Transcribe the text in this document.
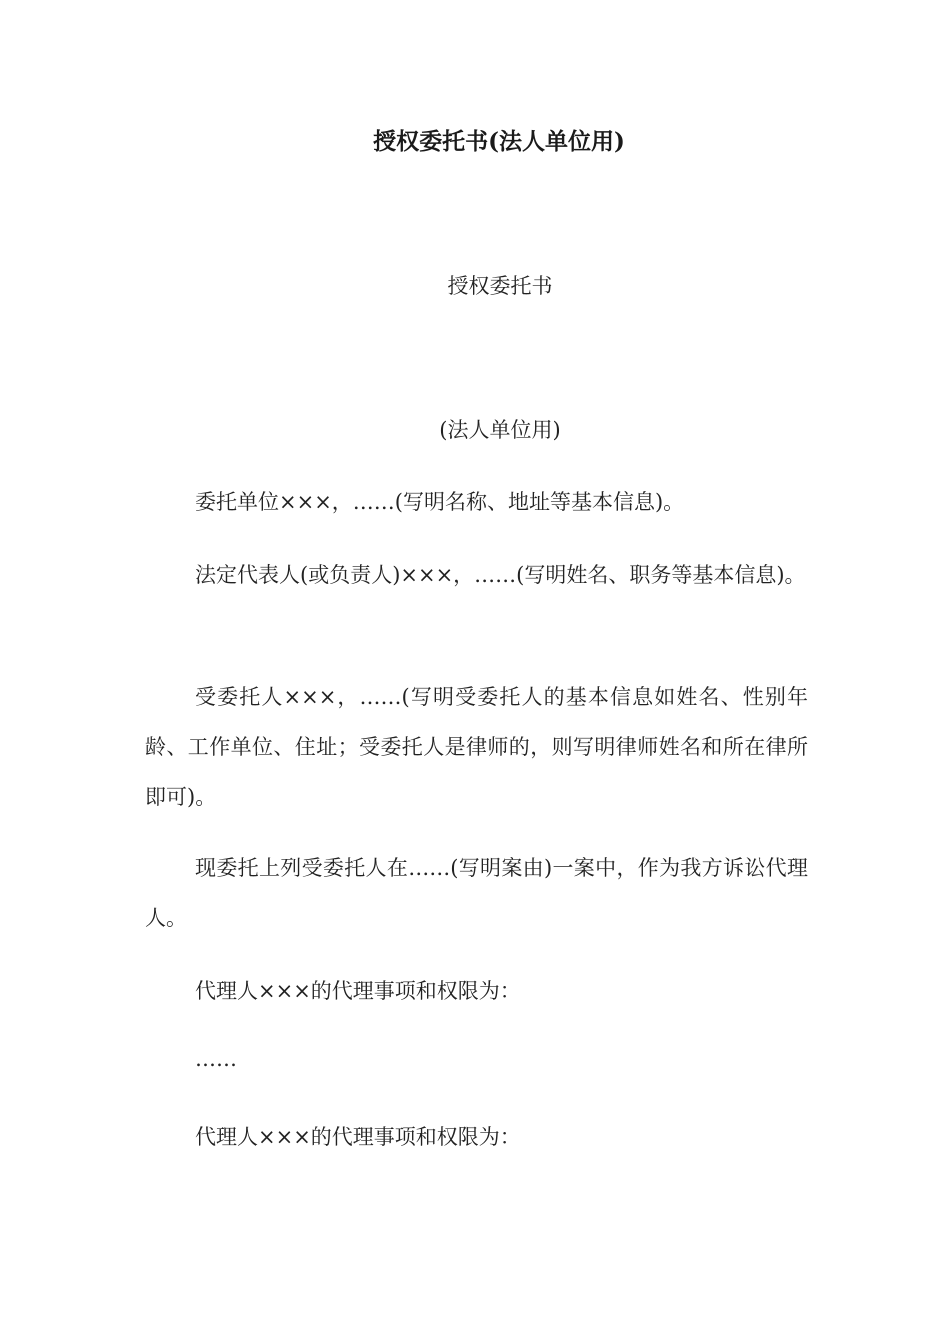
授权委托书(法人单位用)
授权委托书
(法人单位用)

委托单位×××，……(写明名称、地址等基本信息)。

法定代表人(或负责人)×××，……(写明姓名、职务等基本信息)。

受委托人×××，……(写明受委托人的基本信息如姓名、性别年龄、工作单位、住址；受委托人是律师的，则写明律师姓名和所在律所即可)。

现委托上列受委托人在……(写明案由)一案中，作为我方诉讼代理人。

代理人×××的代理事项和权限为：

……

代理人×××的代理事项和权限为：
